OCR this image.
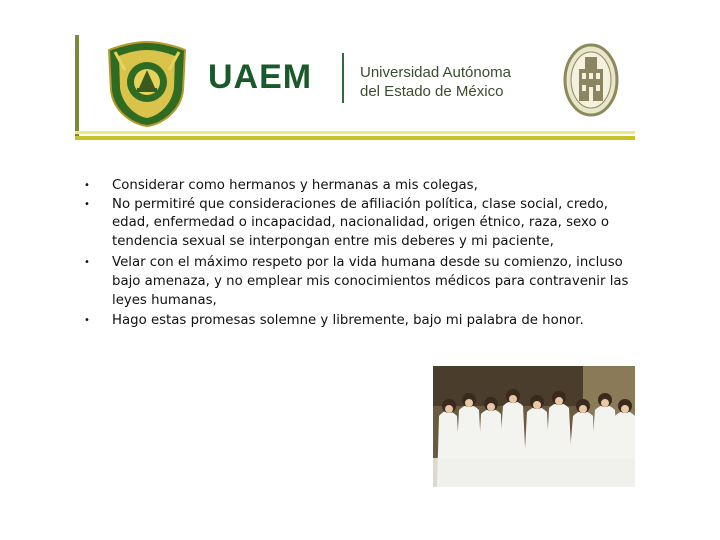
UAEM	Universidad Autónoma
del Estado de México
• Considerar como hermanos y hermanas a mis colegas,
• No permitiré que consideraciones de afiliación política, clase social, credo, edad, enfermedad o incapacidad, nacionalidad, origen étnico, raza, sexo o tendencia sexual se interpongan entre mis deberes y mi paciente,
• Velar con el máximo respeto por la vida humana desde su comienzo, incluso bajo amenaza, y no emplear mis conocimientos médicos para contravenir las leyes humanas,
• Hago estas promesas solemne y libremente, bajo mi palabra de honor.
